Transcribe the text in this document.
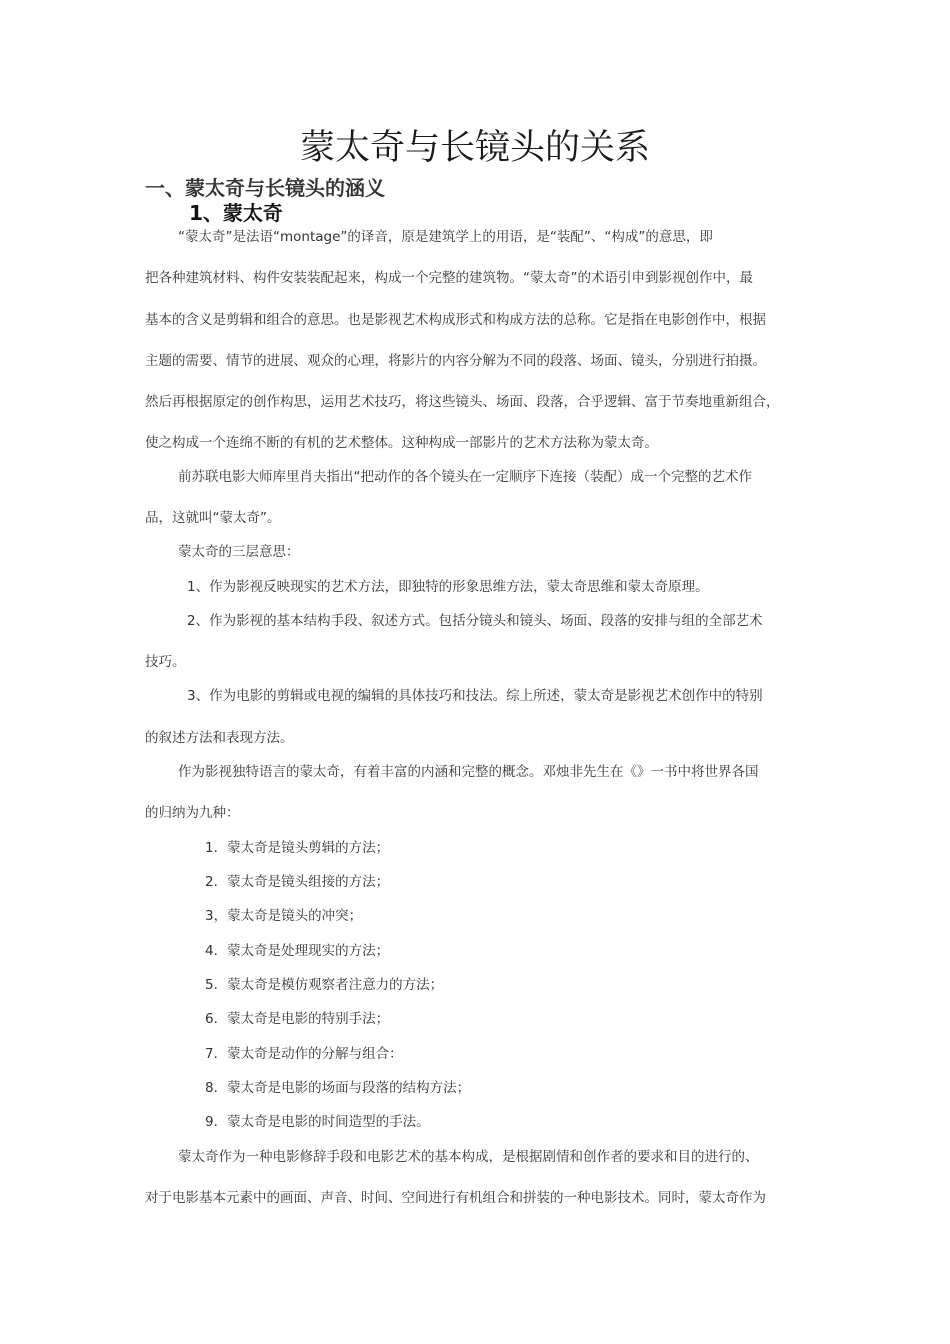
蒙太奇与长镜头的关系
一、蒙太奇与长镜头的涵义
1、蒙太奇

“蒙太奇”是法语“montage”的译音，原是建筑学上的用语，是“装配”、“构成”的意思，即

把各种建筑材料、构件安装装配起来，构成一个完整的建筑物。“蒙太奇”的术语引申到影视创作中，最

基本的含义是剪辑和组合的意思。也是影视艺术构成形式和构成方法的总称。它是指在电影创作中，根据

主题的需要、情节的进展、观众的心理，将影片的内容分解为不同的段落、场面、镜头，分别进行拍摄。

然后再根据原定的创作构思，运用艺术技巧，将这些镜头、场面、段落，合乎逻辑、富于节奏地重新组合，

使之构成一个连绵不断的有机的艺术整体。这种构成一部影片的艺术方法称为蒙太奇。

前苏联电影大师库里肖夫指出“把动作的各个镜头在一定顺序下连接（装配）成一个完整的艺术作

品，这就叫“蒙太奇”。

蒙太奇的三层意思：

1、作为影视反映现实的艺术方法，即独特的形象思维方法，蒙太奇思维和蒙太奇原理。

2、作为影视的基本结构手段、叙述方式。包括分镜头和镜头、场面、段落的安排与组的全部艺术

技巧。

3、作为电影的剪辑或电视的编辑的具体技巧和技法。综上所述，蒙太奇是影视艺术创作中的特别

的叙述方法和表现方法。

作为影视独特语言的蒙太奇，有着丰富的内涵和完整的概念。邓烛非先生在《》一书中将世界各国

的归纳为九种：

1．蒙太奇是镜头剪辑的方法；

2．蒙太奇是镜头组接的方法；

3，蒙太奇是镜头的冲突；

4．蒙太奇是处理现实的方法；

5．蒙太奇是模仿观察者注意力的方法；

6．蒙太奇是电影的特别手法；

7．蒙太奇是动作的分解与组合：

8．蒙太奇是电影的场面与段落的结构方法；

9．蒙太奇是电影的时间造型的手法。

蒙太奇作为一种电影修辞手段和电影艺术的基本构成，是根据剧情和创作者的要求和目的进行的、

对于电影基本元素中的画面、声音、时间、空间进行有机组合和拼装的一种电影技术。同时，蒙太奇作为
